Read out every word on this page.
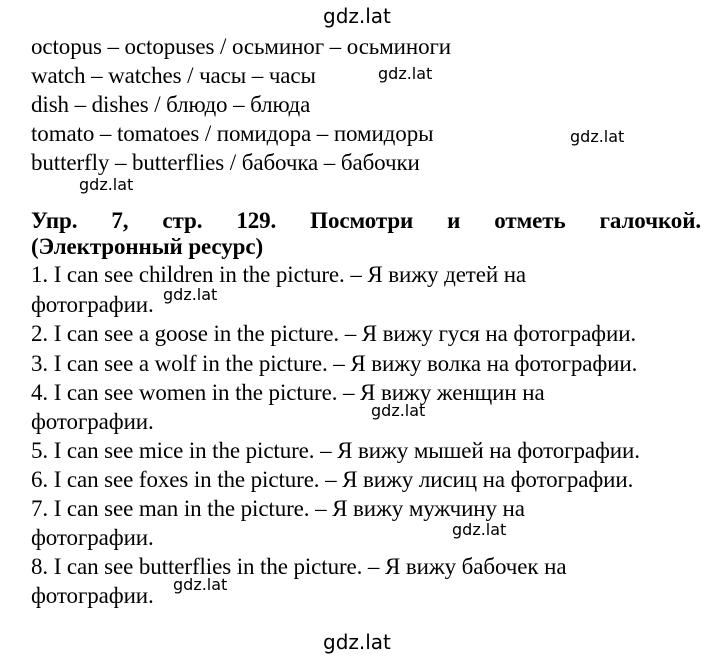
octopus – octopuses / осьминог – осьминоги
watch – watches / часы – часы
dish – dishes / блюдо – блюда
tomato – tomatoes / помидора – помидоры
butterfly – butterflies / бабочка – бабочки
Упр. 7, стр. 129. Посмотри и отметь галочкой.
(Электронный ресурс)
1. I can see children in the picture. – Я вижу детей на
фотографии.
2. I can see a goose in the picture. – Я вижу гуся на фотографии.
3. I can see a wolf in the picture. – Я вижу волка на фотографии.
4. I can see women in the picture. – Я вижу женщин на
фотографии.
5. I can see mice in the picture. – Я вижу мышей на фотографии.
6. I can see foxes in the picture. – Я вижу лисиц на фотографии.
7. I can see man in the picture. – Я вижу мужчину на
фотографии.
8. I can see butterflies in the picture. – Я вижу бабочек на
фотографии.
gdz.lat
gdz.lat
gdz.lat
gdz.lat
gdz.lat
gdz.lat
gdz.lat
gdz.lat
gdz.lat
